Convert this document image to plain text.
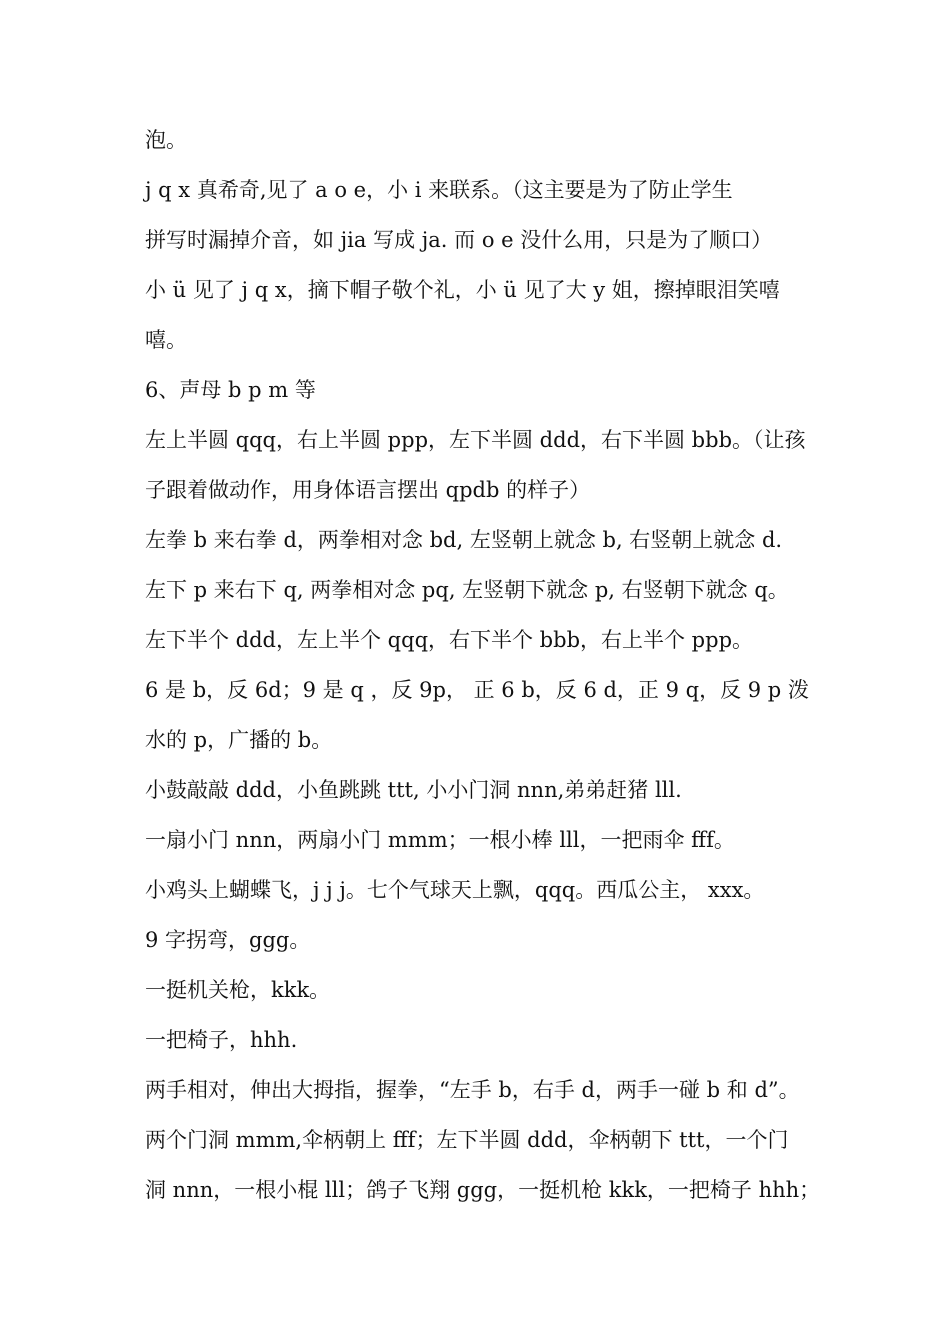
泡。
j q x 真希奇,见了 a o e，小 i 来联系。（这主要是为了防止学生
拼写时漏掉介音，如 jia 写成 ja. 而 o e 没什么用，只是为了顺口）
小 ü 见了 j q x，摘下帽子敬个礼，小 ü 见了大 y 姐，擦掉眼泪笑嘻
嘻。
6、声母 b p m 等
左上半圆 qqq，右上半圆 ppp，左下半圆 ddd，右下半圆 bbb。（让孩
子跟着做动作，用身体语言摆出 qpdb 的样子）
左拳 b 来右拳 d，两拳相对念 bd, 左竖朝上就念 b, 右竖朝上就念 d.
左下 p 来右下 q, 两拳相对念 pq, 左竖朝下就念 p, 右竖朝下就念 q。
左下半个 ddd，左上半个 qqq，右下半个 bbb，右上半个 ppp。
6 是 b，反 6d；9 是 q ，反 9p， 正 6 b，反 6 d，正 9 q，反 9 p 泼
水的 p，广播的 b。
小鼓敲敲 ddd，小鱼跳跳 ttt, 小小门洞 nnn,弟弟赶猪 lll.
一扇小门 nnn，两扇小门 mmm；一根小棒 lll，一把雨伞 fff。
小鸡头上蝴蝶飞，j j j。七个气球天上飘，qqq。西瓜公主， xxx。
9 字拐弯，ggg。
一挺机关枪，kkk。
一把椅子，hhh.
两手相对，伸出大拇指，握拳，“左手 b，右手 d，两手一碰 b 和 d”。
两个门洞 mmm,伞柄朝上 fff；左下半圆 ddd，伞柄朝下 ttt，一个门
洞 nnn，一根小棍 lll；鸽子飞翔 ggg，一挺机枪 kkk，一把椅子 hhh；
